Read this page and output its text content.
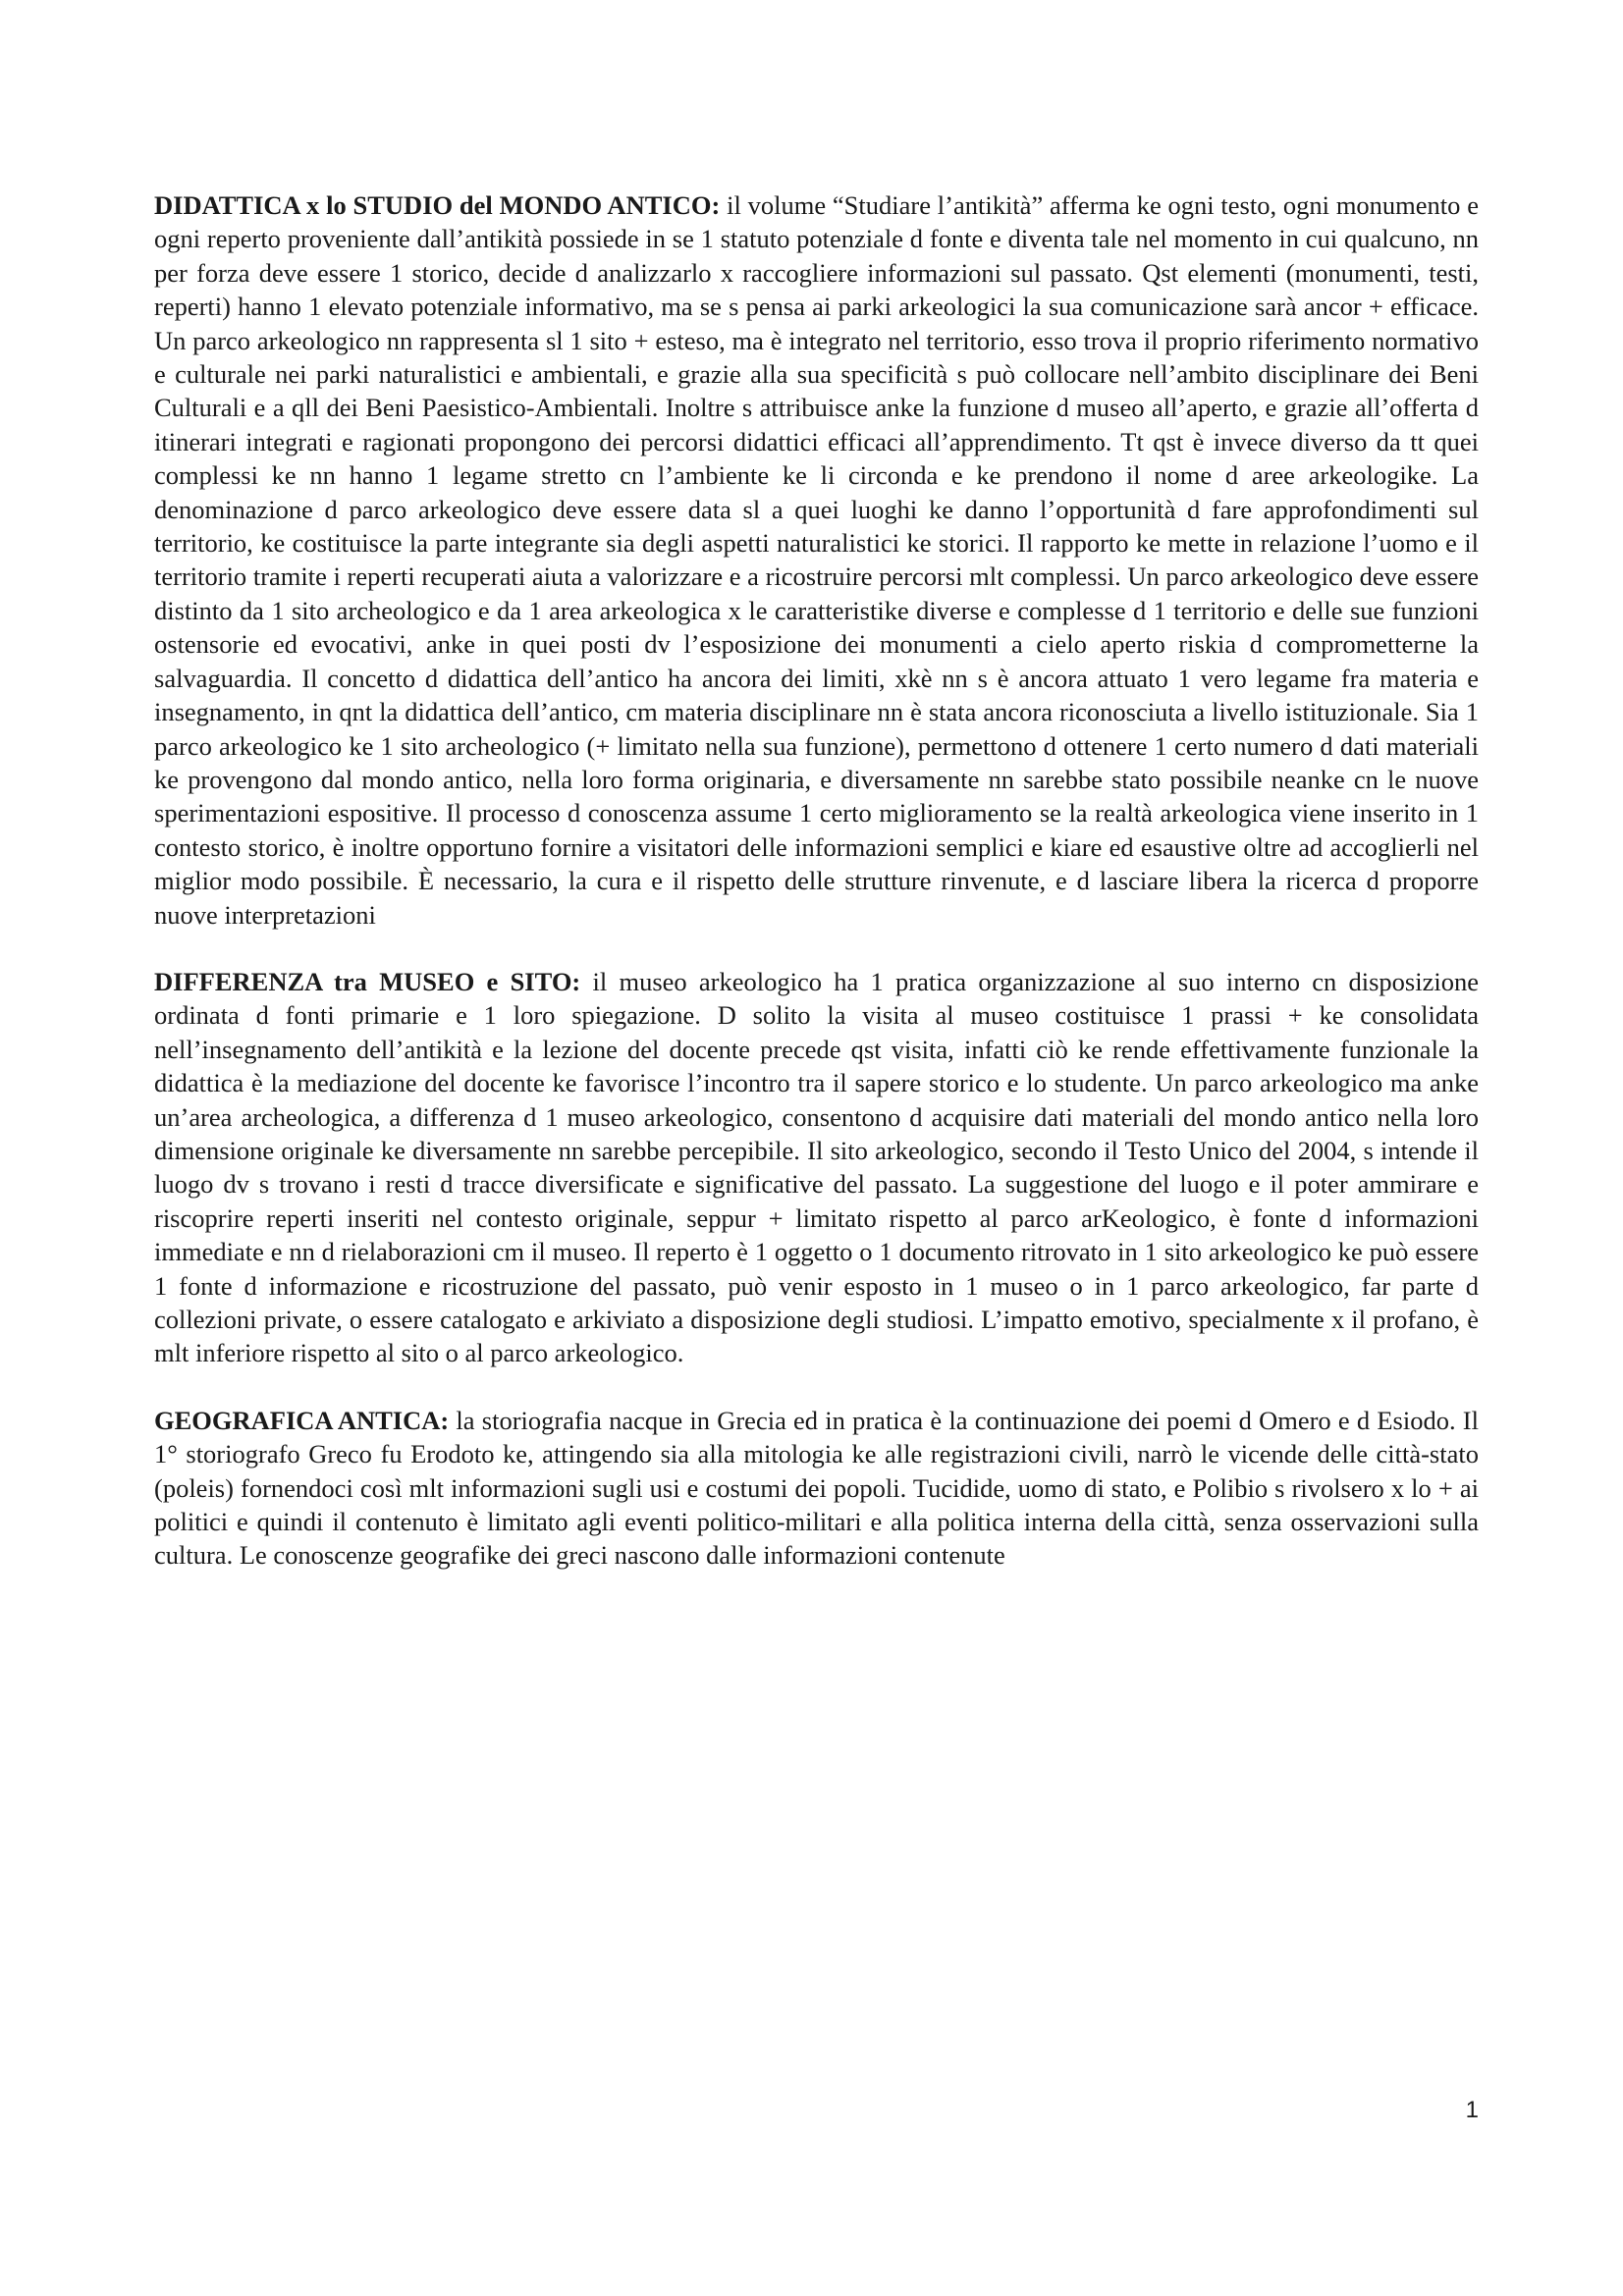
DIDATTICA x lo STUDIO del MONDO ANTICO: il volume “Studiare l’antikità” afferma ke ogni testo, ogni monumento e ogni reperto proveniente dall’antikità possiede in se 1 statuto potenziale d fonte e diventa tale nel momento in cui qualcuno, nn per forza deve essere 1 storico, decide d analizzarlo x raccogliere informazioni sul passato. Qst elementi (monumenti, testi, reperti) hanno 1 elevato potenziale informativo, ma se s pensa ai parki arkeologici la sua comunicazione sarà ancor + efficace. Un parco arkeologico nn rappresenta sl 1 sito + esteso, ma è integrato nel territorio, esso trova il proprio riferimento normativo e culturale nei parki naturalistici e ambientali, e grazie alla sua specificità s può collocare nell’ambito disciplinare dei Beni Culturali e a qll dei Beni Paesistico-Ambientali. Inoltre s attribuisce anke la funzione d museo all’aperto, e grazie all’offerta d itinerari integrati e ragionati propongono dei percorsi didattici efficaci all’apprendimento. Tt qst è invece diverso da tt quei complessi ke nn hanno 1 legame stretto cn l’ambiente ke li circonda e ke prendono il nome d aree arkeologike. La denominazione d parco arkeologico deve essere data sl a quei luoghi ke danno l’opportunità d fare approfondimenti sul territorio, ke costituisce la parte integrante sia degli aspetti naturalistici ke storici. Il rapporto ke mette in relazione l’uomo e il territorio tramite i reperti recuperati aiuta a valorizzare e a ricostruire percorsi mlt complessi. Un parco arkeologico deve essere distinto da 1 sito archeologico e da 1 area arkeologica x le caratteristike diverse e complesse d 1 territorio e delle sue funzioni ostensorie ed evocativi, anke in quei posti dv l’esposizione dei monumenti a cielo aperto riskia d comprometterne la salvaguardia. Il concetto d didattica dell’antico ha ancora dei limiti, xkè nn s è ancora attuato 1 vero legame fra materia e insegnamento, in qnt la didattica dell’antico, cm materia disciplinare nn è stata ancora riconosciuta a livello istituzionale. Sia 1 parco arkeologico ke 1 sito archeologico (+ limitato nella sua funzione), permettono d ottenere 1 certo numero d dati materiali ke provengono dal mondo antico, nella loro forma originaria, e diversamente nn sarebbe stato possibile neanke cn le nuove sperimentazioni espositive. Il processo d conoscenza assume 1 certo miglioramento se la realtà arkeologica viene inserito in 1 contesto storico, è inoltre opportuno fornire a visitatori delle informazioni semplici e kiare ed esaustive oltre ad accoglierli nel miglior modo possibile. È necessario, la cura e il rispetto delle strutture rinvenute, e d lasciare libera la ricerca d proporre nuove interpretazioni

DIFFERENZA tra MUSEO e SITO: il museo arkeologico ha 1 pratica organizzazione al suo interno cn disposizione ordinata d fonti primarie e 1 loro spiegazione. D solito la visita al museo costituisce 1 prassi + ke consolidata nell’insegnamento dell’antikità e la lezione del docente precede qst visita, infatti ciò ke rende effettivamente funzionale la didattica è la mediazione del docente ke favorisce l’incontro tra il sapere storico e lo studente. Un parco arkeologico ma anke un’area archeologica, a differenza d 1 museo arkeologico, consentono d acquisire dati materiali del mondo antico nella loro dimensione originale ke diversamente nn sarebbe percepibile. Il sito arkeologico, secondo il Testo Unico del 2004, s intende il luogo dv s trovano i resti d tracce diversificate e significative del passato. La suggestione del luogo e il poter ammirare e riscoprire reperti inseriti nel contesto originale, seppur + limitato rispetto al parco arKeologico, è fonte d informazioni immediate e nn d rielaborazioni cm il museo. Il reperto è 1 oggetto o 1 documento ritrovato in 1 sito arkeologico ke può essere 1 fonte d informazione e ricostruzione del passato, può venir esposto in 1 museo o in 1 parco arkeologico, far parte d collezioni private, o essere catalogato e arkiviato a disposizione degli studiosi. L’impatto emotivo, specialmente x il profano, è mlt inferiore rispetto al sito o al parco arkeologico.

GEOGRAFICA ANTICA: la storiografia nacque in Grecia ed in pratica è la continuazione dei poemi d Omero e d Esiodo. Il 1° storiografo Greco fu Erodoto ke, attingendo sia alla mitologia ke alle registrazioni civili, narrò le vicende delle città-stato (poleis) fornendoci così mlt informazioni sugli usi e costumi dei popoli. Tucidide, uomo di stato, e Polibio s rivolsero x lo + ai politici e quindi il contenuto è limitato agli eventi politico-militari e alla politica interna della città, senza osservazioni sulla cultura. Le conoscenze geografike dei greci nascono dalle informazioni contenute

1
